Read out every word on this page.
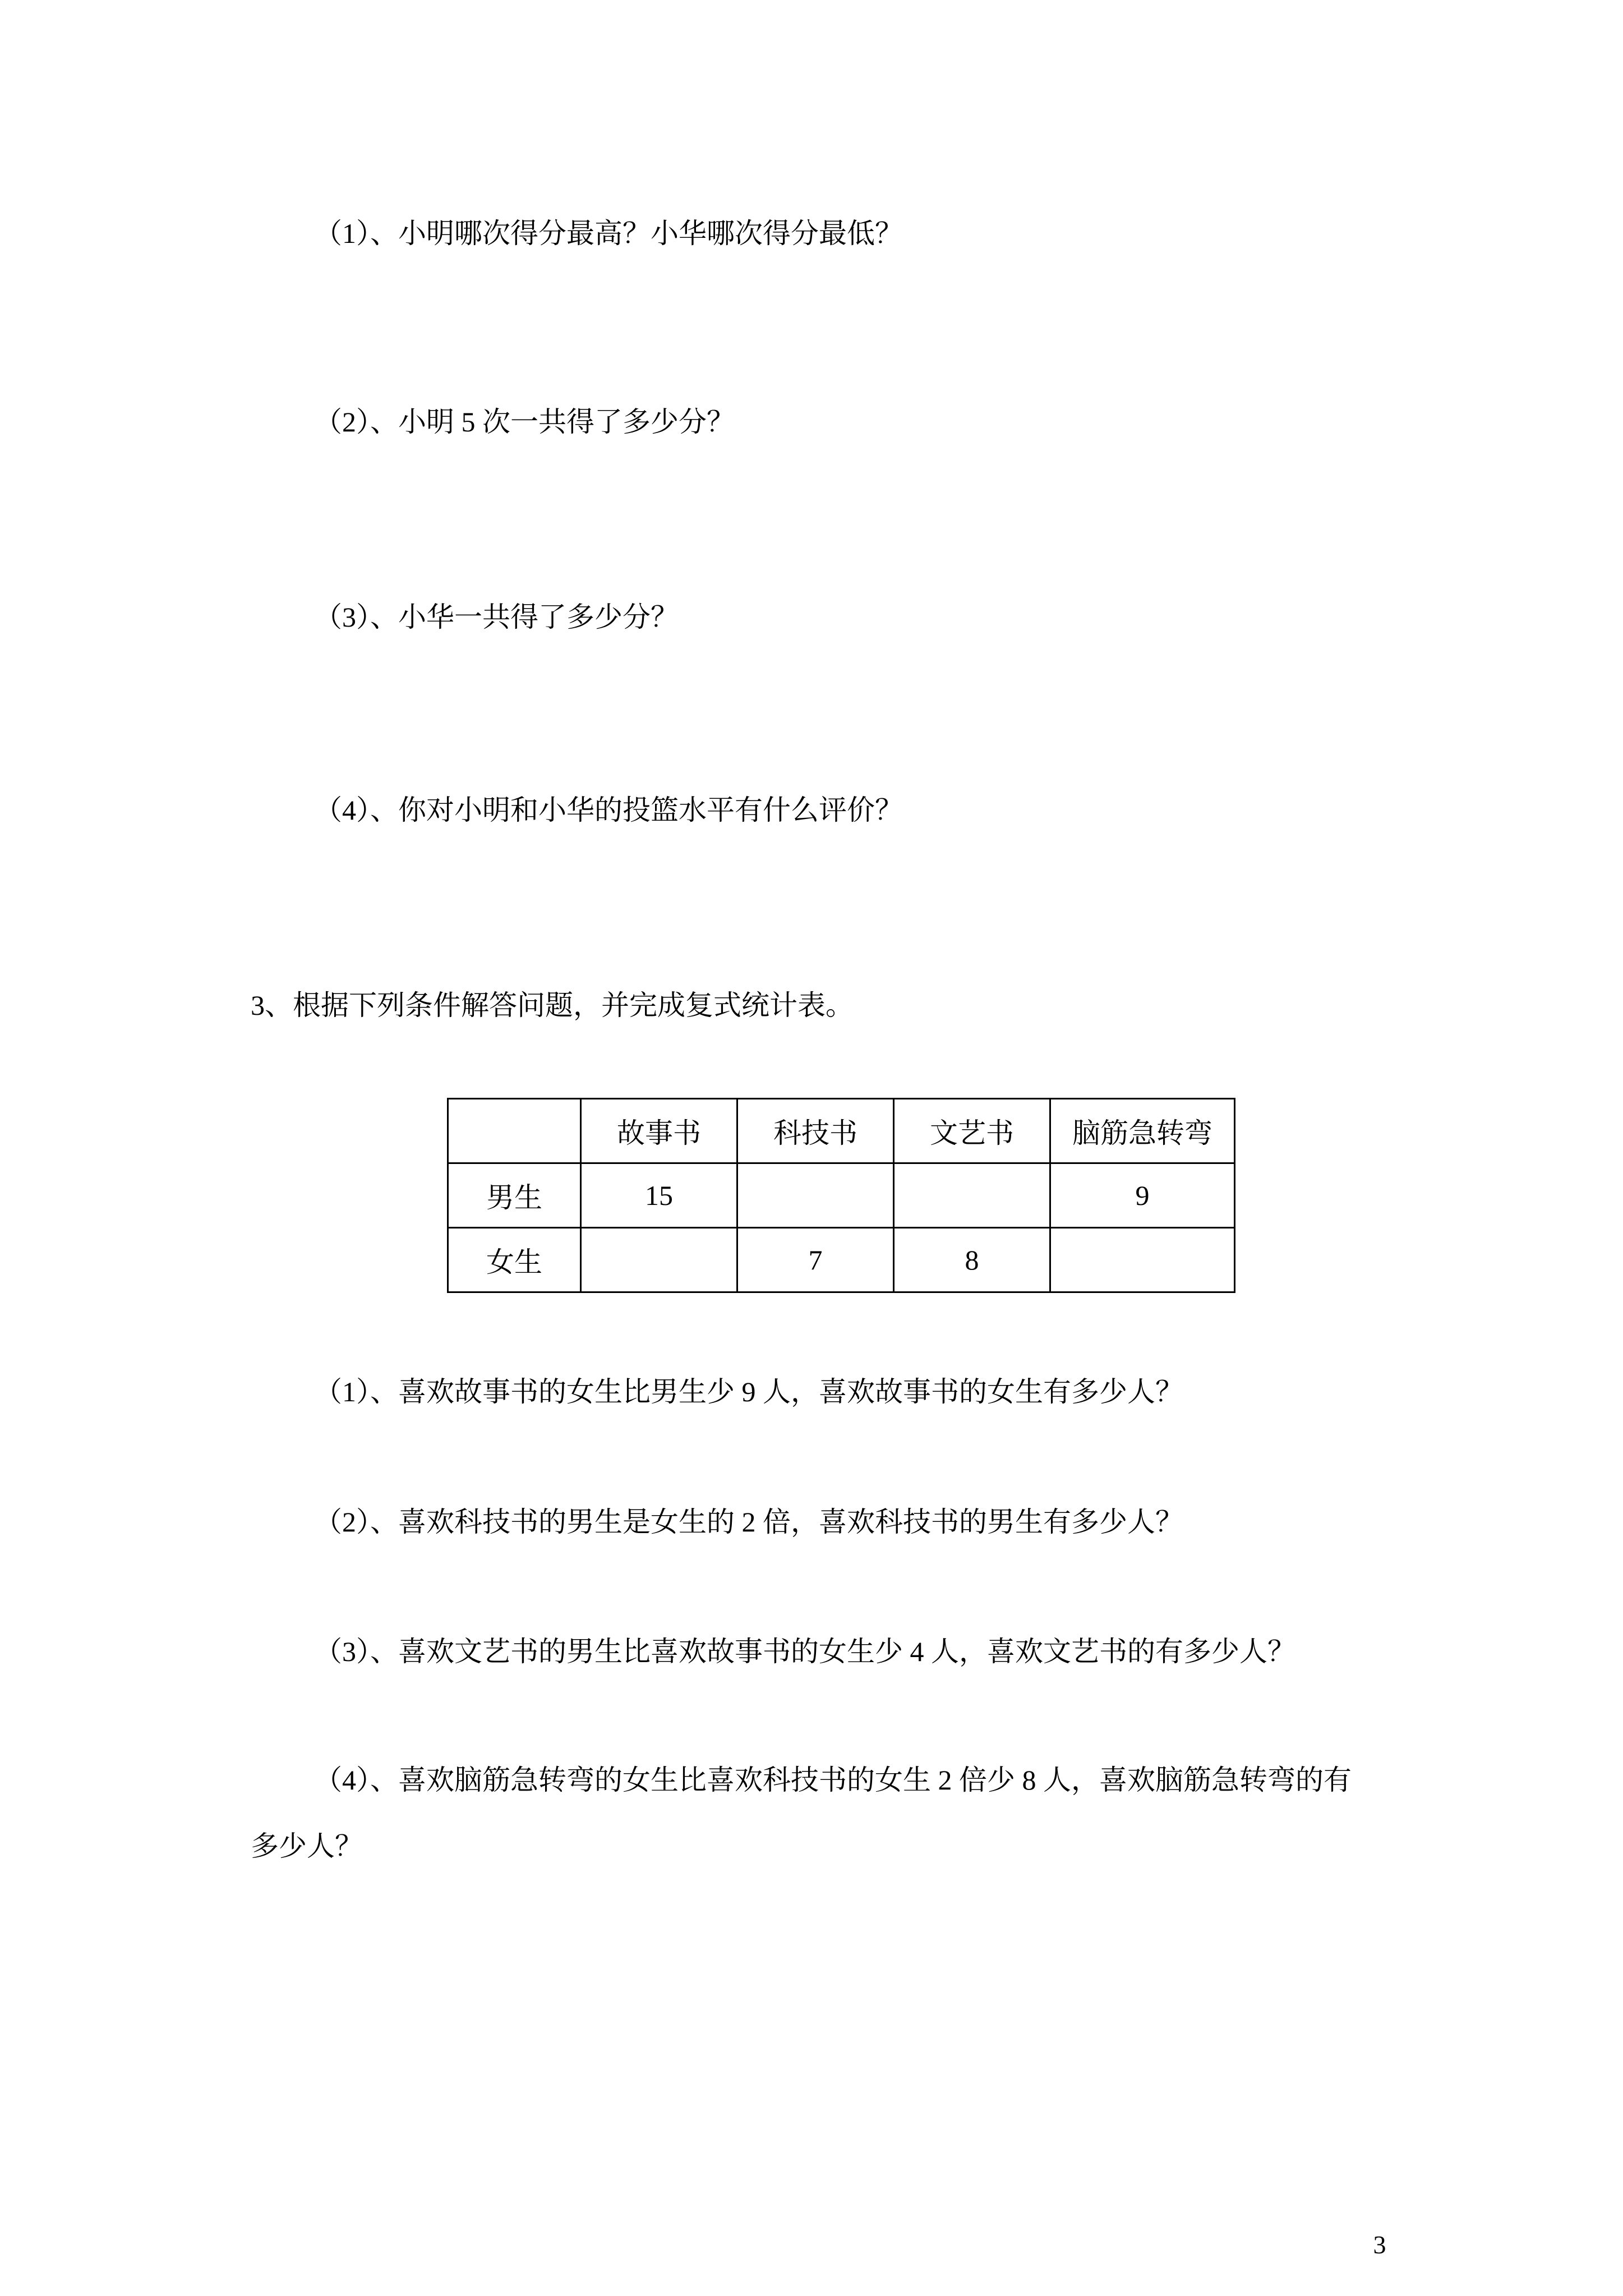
（1）、小明哪次得分最高？小华哪次得分最低？
（2）、小明 5 次一共得了多少分？
（3）、小华一共得了多少分？
（4）、你对小明和小华的投篮水平有什么评价？
3、根据下列条件解答问题，并完成复式统计表。
	故事书	科技书	文艺书	脑筋急转弯
男生	15			9
女生		7	8	
（1）、喜欢故事书的女生比男生少 9 人，喜欢故事书的女生有多少人？
（2）、喜欢科技书的男生是女生的 2 倍，喜欢科技书的男生有多少人？
（3）、喜欢文艺书的男生比喜欢故事书的女生少 4 人，喜欢文艺书的有多少人？
（4）、喜欢脑筋急转弯的女生比喜欢科技书的女生 2 倍少 8 人，喜欢脑筋急转弯的有
多少人？
3
